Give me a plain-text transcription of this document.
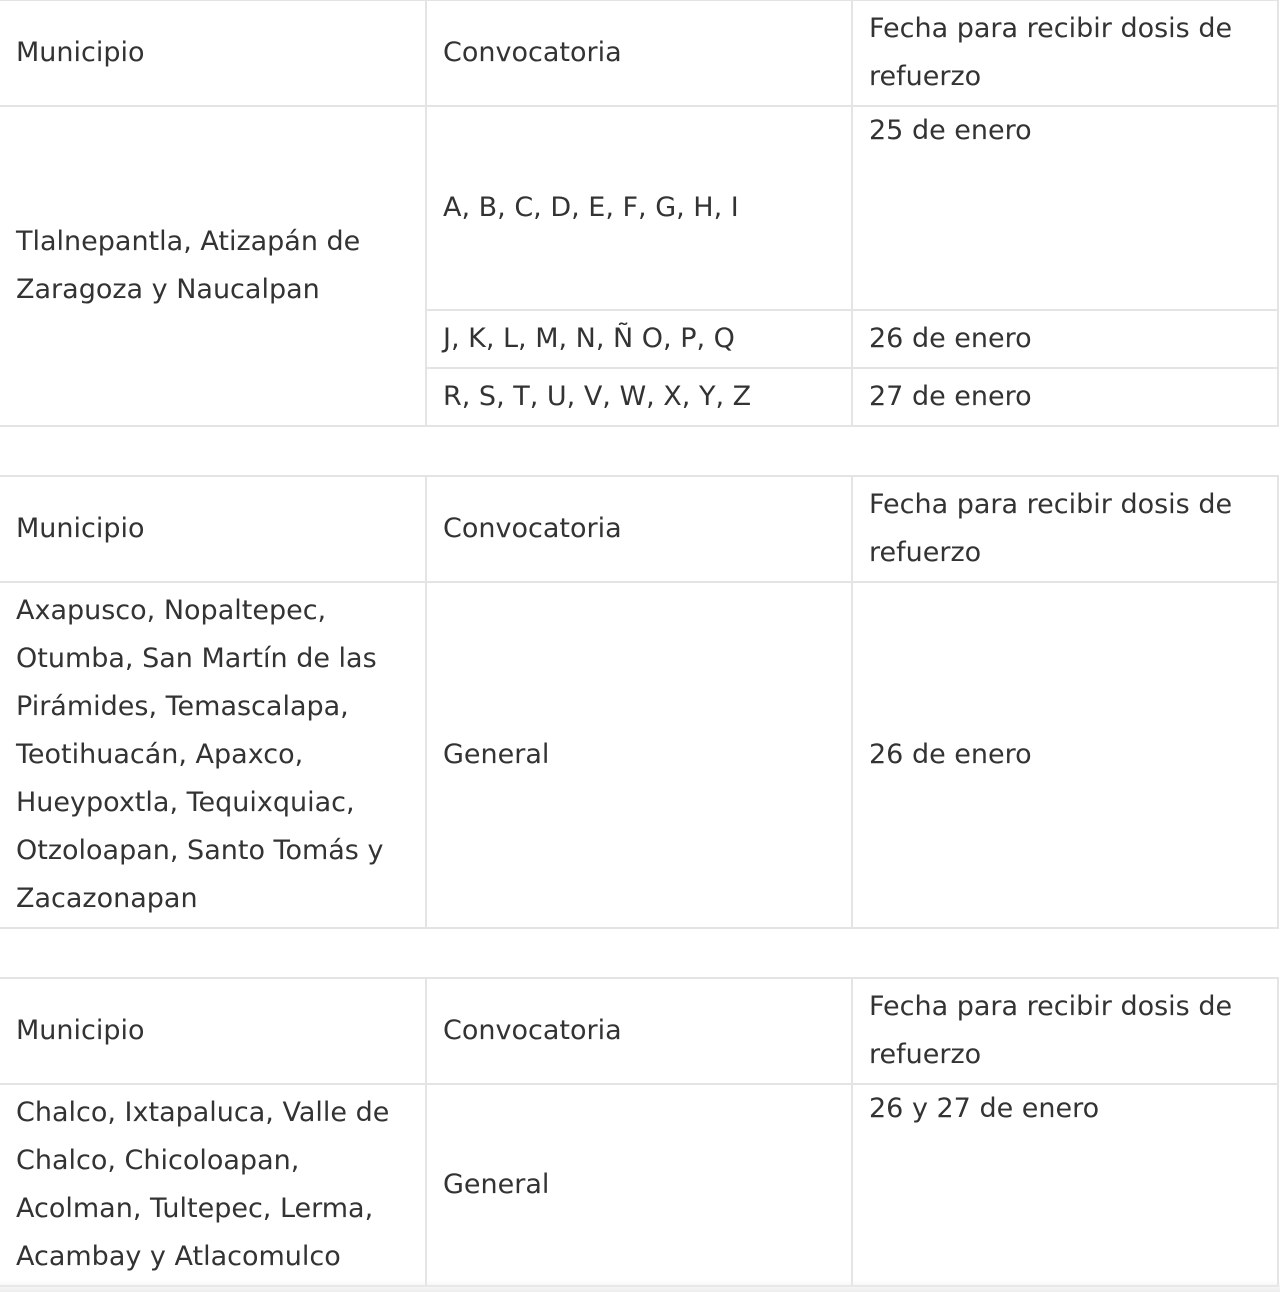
Municipio	Convocatoria	Fecha para recibir dosis de refuerzo
Tlalnepantla, Atizapán de Zaragoza y Naucalpan	A, B, C, D, E, F, G, H, I	25 de enero
	J, K, L, M, N, Ñ O, P, Q	26 de enero
	R, S, T, U, V, W, X, Y, Z	27 de enero
Municipio	Convocatoria	Fecha para recibir dosis de refuerzo
Axapusco, Nopaltepec, Otumba, San Martín de las Pirámides, Temascalapa, Teotihuacán, Apaxco, Hueypoxtla, Tequixquiac, Otzoloapan, Santo Tomás y Zacazonapan	General	26 de enero
Municipio	Convocatoria	Fecha para recibir dosis de refuerzo
Chalco, Ixtapaluca, Valle de Chalco, Chicoloapan, Acolman, Tultepec, Lerma, Acambay y Atlacomulco	General	26 y 27 de enero
